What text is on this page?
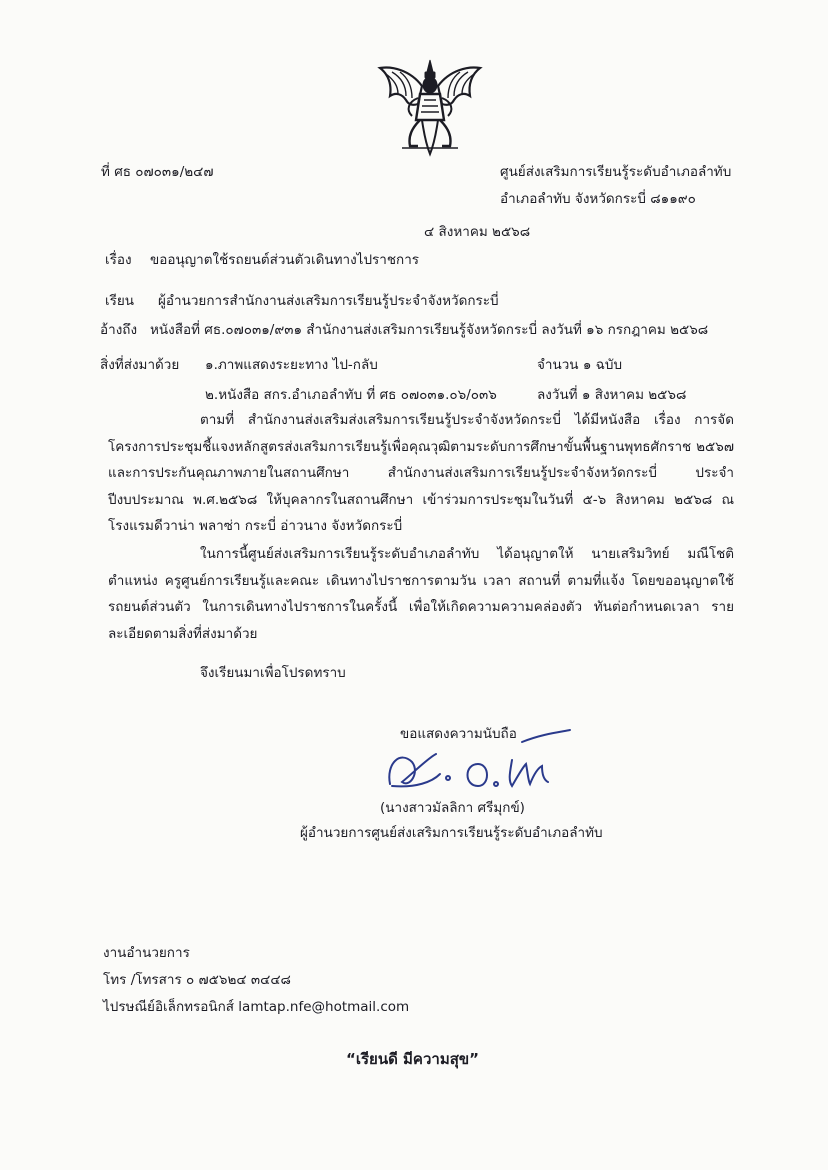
ที่ ศธ ๐๗๐๓๑/๒๔๗	ศูนย์ส่งเสริมการเรียนรู้ระดับอำเภอลำทับ
อำเภอลำทับ จังหวัดกระบี่ ๘๑๑๙๐
๔ สิงหาคม ๒๕๖๘
เรื่อง ขออนุญาตใช้รถยนต์ส่วนตัวเดินทางไปราชการ
เรียน ผู้อำนวยการสำนักงานส่งเสริมการเรียนรู้ประจำจังหวัดกระบี่
อ้างถึง หนังสือที่ ศธ.๐๗๐๓๑/๙๓๑ สำนักงานส่งเสริมการเรียนรู้จังหวัดกระบี่ ลงวันที่ ๑๖ กรกฎาคม ๒๕๖๘
สิ่งที่ส่งมาด้วย ๑.ภาพแสดงระยะทาง ไป-กลับ	จำนวน ๑ ฉบับ
๒.หนังสือ สกร.อำเภอลำทับ ที่ ศธ ๐๗๐๓๑.๐๖/๐๓๖	ลงวันที่ ๑ สิงหาคม ๒๕๖๘
ตามที่ สำนักงานส่งเสริมส่งเสริมการเรียนรู้ประจำจังหวัดกระบี่ ได้มีหนังสือ เรื่อง การจัดโครงการประชุมชี้แจงหลักสูตรส่งเสริมการเรียนรู้เพื่อคุณวุฒิตามระดับการศึกษาขั้นพื้นฐานพุทธศักราช ๒๕๖๗ และการประกันคุณภาพภายในสถานศึกษา สำนักงานส่งเสริมการเรียนรู้ประจำจังหวัดกระบี่ ประจำปีงบประมาณ พ.ศ.๒๕๖๘ ให้บุคลากรในสถานศึกษา เข้าร่วมการประชุมในวันที่ ๕-๖ สิงหาคม ๒๕๖๘ ณ โรงแรมดีวาน่า พลาซ่า กระบี่ อ่าวนาง จังหวัดกระบี่
ในการนี้ศูนย์ส่งเสริมการเรียนรู้ระดับอำเภอลำทับ ได้อนุญาตให้ นายเสริมวิทย์ มณีโชติ ตำแหน่ง ครูศูนย์การเรียนรู้และคณะ เดินทางไปราชการตามวัน เวลา สถานที่ ตามที่แจ้ง โดยขออนุญาตใช้รถยนต์ส่วนตัว ในการเดินทางไปราชการในครั้งนี้ เพื่อให้เกิดความความคล่องตัว ทันต่อกำหนดเวลา รายละเอียดตามสิ่งที่ส่งมาด้วย
จึงเรียนมาเพื่อโปรดทราบ
ขอแสดงความนับถือ
(นางสาวมัลลิกา ศรีมุกข์)
ผู้อำนวยการศูนย์ส่งเสริมการเรียนรู้ระดับอำเภอลำทับ
งานอำนวยการ
โทร /โทรสาร ๐ ๗๕๖๒๔ ๓๔๔๘
ไปรษณีย์อิเล็กทรอนิกส์ lamtap.nfe@hotmail.com
“เรียนดี มีความสุข”
